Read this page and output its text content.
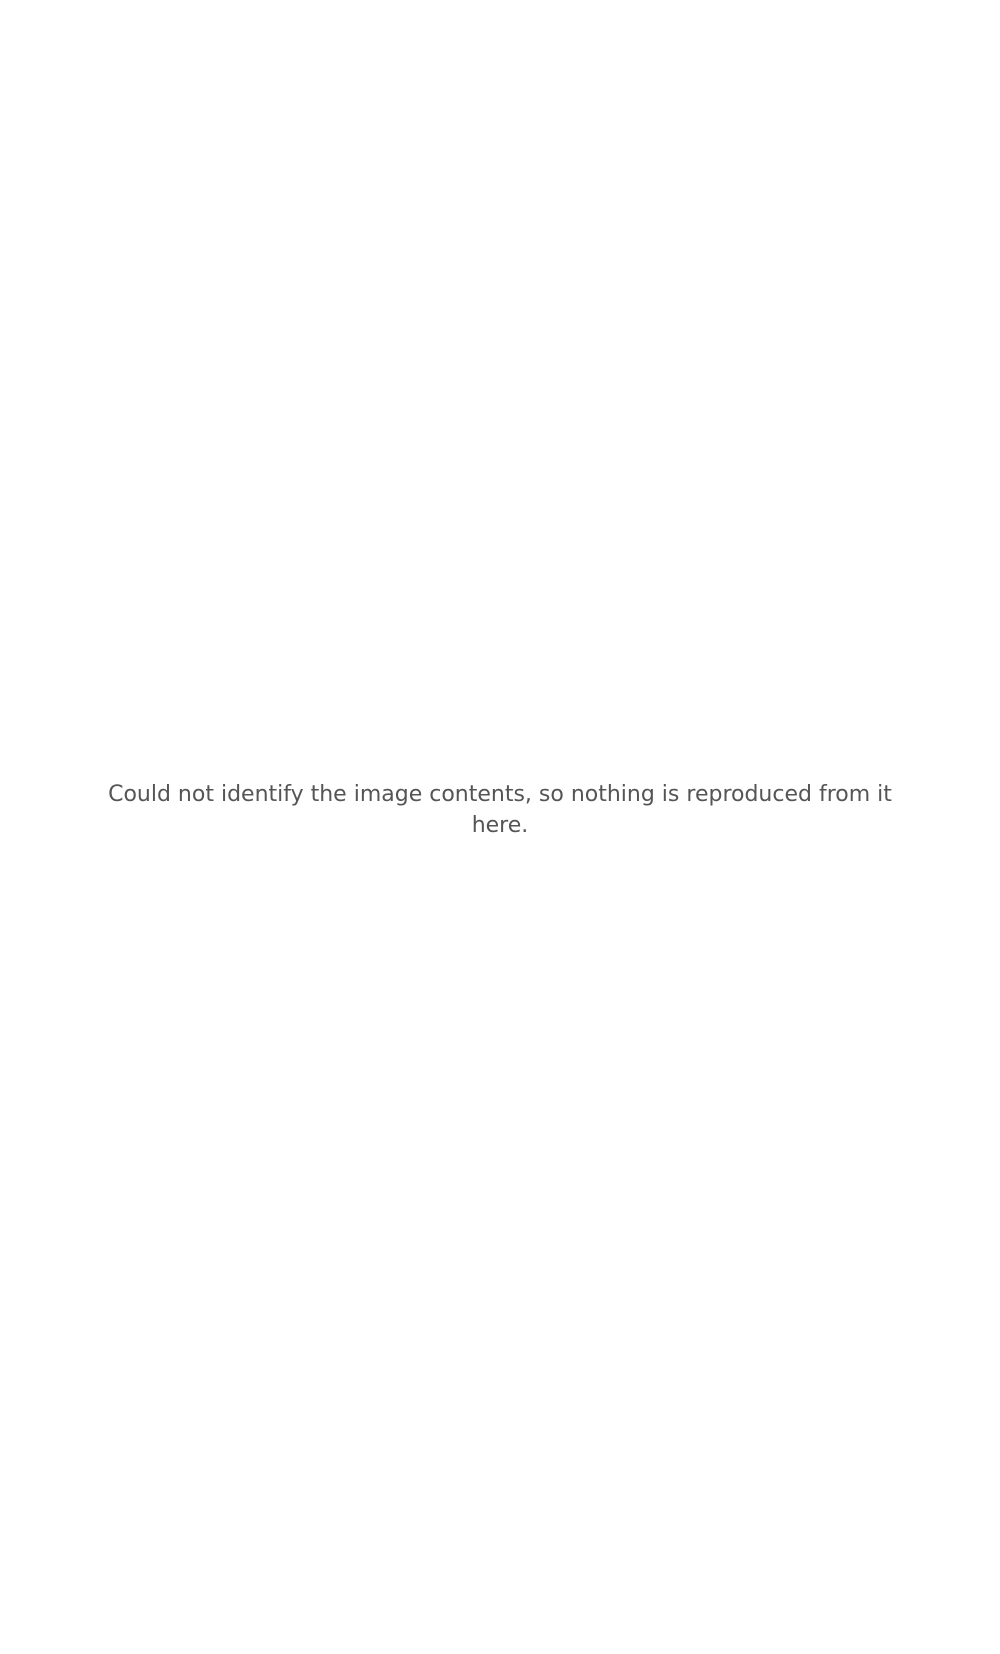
Could not identify the image contents, so nothing is reproduced from it here.
